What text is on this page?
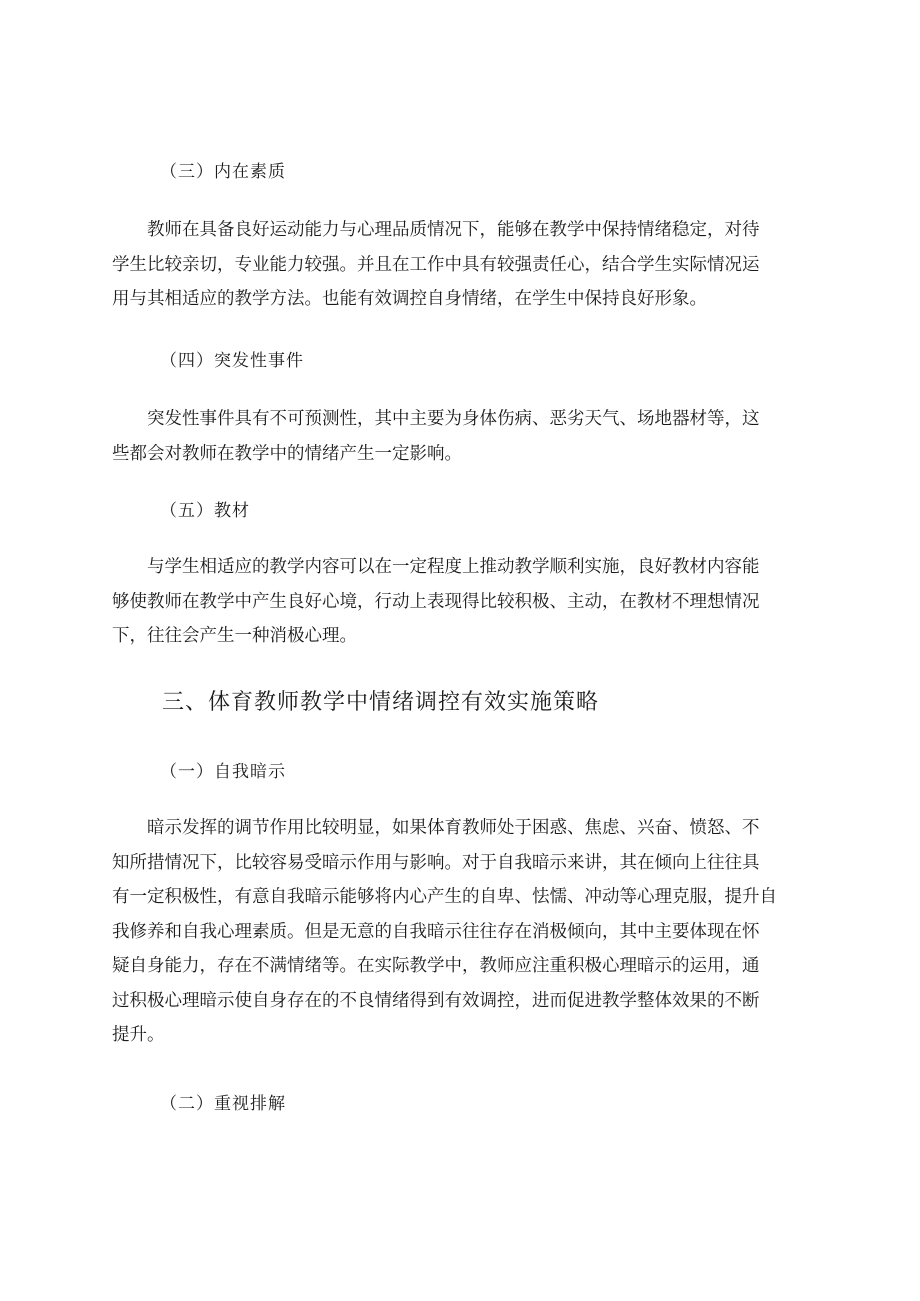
（三）内在素质

教师在具备良好运动能力与心理品质情况下，能够在教学中保持情绪稳定，对待
学生比较亲切，专业能力较强。并且在工作中具有较强责任心，结合学生实际情况运
用与其相适应的教学方法。也能有效调控自身情绪，在学生中保持良好形象。

（四）突发性事件

突发性事件具有不可预测性，其中主要为身体伤病、恶劣天气、场地器材等，这
些都会对教师在教学中的情绪产生一定影响。

（五）教材

与学生相适应的教学内容可以在一定程度上推动教学顺利实施，良好教材内容能
够使教师在教学中产生良好心境，行动上表现得比较积极、主动，在教材不理想情况
下，往往会产生一种消极心理。

三、体育教师教学中情绪调控有效实施策略

（一）自我暗示

暗示发挥的调节作用比较明显，如果体育教师处于困惑、焦虑、兴奋、愤怒、不
知所措情况下，比较容易受暗示作用与影响。对于自我暗示来讲，其在倾向上往往具
有一定积极性，有意自我暗示能够将内心产生的自卑、怯懦、冲动等心理克服，提升自
我修养和自我心理素质。但是无意的自我暗示往往存在消极倾向，其中主要体现在怀
疑自身能力，存在不满情绪等。在实际教学中，教师应注重积极心理暗示的运用，通
过积极心理暗示使自身存在的不良情绪得到有效调控，进而促进教学整体效果的不断
提升。

（二）重视排解
